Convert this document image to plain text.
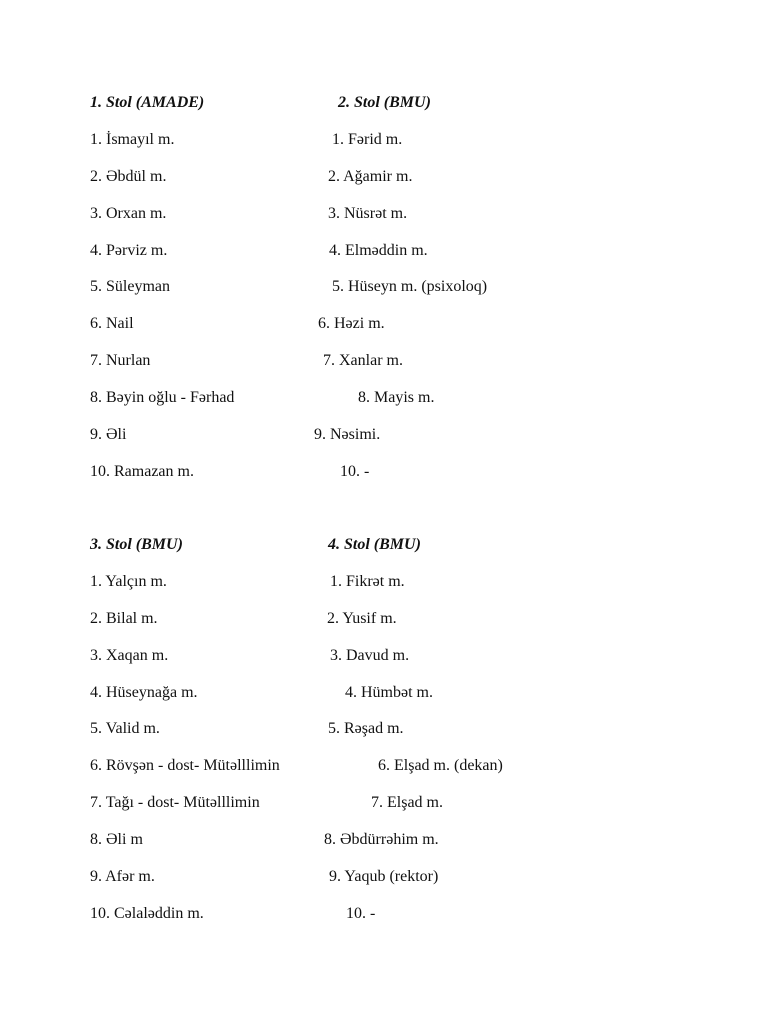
1. Stol (AMADE)	2. Stol (BMU)
1. İsmayıl m.	1. Fərid m.
2. Əbdül m.	2. Ağamir m.
3. Orxan m.	3. Nüsrət m.
4. Pərviz m.	4. Elməddin m.
5. Süleyman	5. Hüseyn m. (psixoloq)
6. Nail	6. Həzi m.
7. Nurlan	7. Xanlar m.
8. Bəyin oğlu - Fərhad	8. Mayis m.
9. Əli	9. Nəsimi.
10. Ramazan m.	10. -
3. Stol (BMU)	4. Stol (BMU)
1. Yalçın m.	1. Fikrət m.
2. Bilal m.	2. Yusif m.
3. Xaqan m.	3. Davud m.
4. Hüseynağa m.	4. Hümbət m.
5. Valid m.	5. Rəşad m.
6. Rövşən - dost- Mütəlllimin	6. Elşad m. (dekan)
7. Tağı - dost- Mütəlllimin	7. Elşad m.
8. Əli m	8. Əbdürrəhim m.
9. Afər m.	9. Yaqub (rektor)
10. Cəlaləddin m.	10. -
